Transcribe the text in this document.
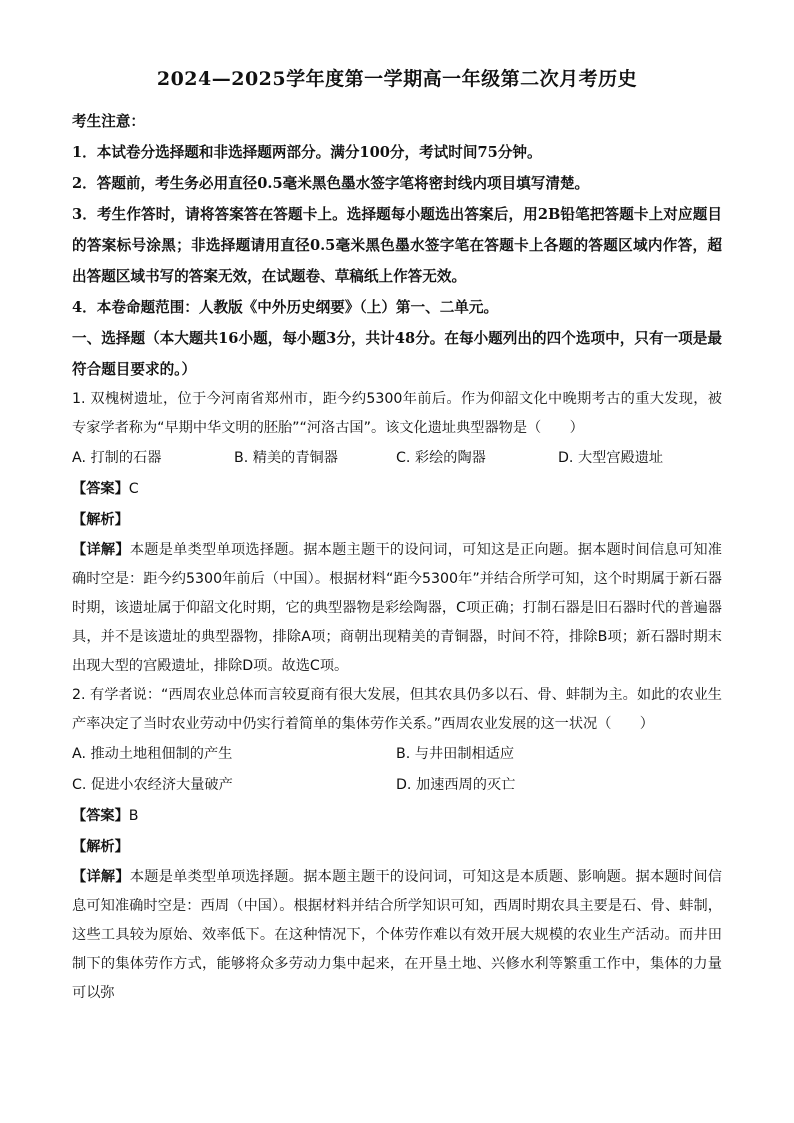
2024—2025学年度第一学期高一年级第二次月考历史

考生注意：

1．本试卷分选择题和非选择题两部分。满分100分，考试时间75分钟。

2．答题前，考生务必用直径0.5毫米黑色墨水签字笔将密封线内项目填写清楚。

3．考生作答时，请将答案答在答题卡上。选择题每小题选出答案后，用2B铅笔把答题卡上对应题目的答案标号涂黑；非选择题请用直径0.5毫米黑色墨水签字笔在答题卡上各题的答题区域内作答，超出答题区域书写的答案无效，在试题卷、草稿纸上作答无效。

4．本卷命题范围：人教版《中外历史纲要》（上）第一、二单元。

一、选择题（本大题共16小题，每小题3分，共计48分。在每小题列出的四个选项中，只有一项是最符合题目要求的。）

1. 双槐树遗址，位于今河南省郑州市，距今约5300年前后。作为仰韶文化中晚期考古的重大发现，被专家学者称为“早期中华文明的胚胎”“河洛古国”。该文化遗址典型器物是（　　）

A. 打制的石器	B. 精美的青铜器	C. 彩绘的陶器	D. 大型宫殿遗址

【答案】C

【解析】

【详解】本题是单类型单项选择题。据本题主题干的设问词，可知这是正向题。据本题时间信息可知准确时空是：距今约5300年前后（中国）。根据材料“距今5300年”并结合所学可知，这个时期属于新石器时期，该遗址属于仰韶文化时期，它的典型器物是彩绘陶器，C项正确；打制石器是旧石器时代的普遍器具，并不是该遗址的典型器物，排除A项；商朝出现精美的青铜器，时间不符，排除B项；新石器时期末出现大型的宫殿遗址，排除D项。故选C项。

2. 有学者说：“西周农业总体而言较夏商有很大发展，但其农具仍多以石、骨、蚌制为主。如此的农业生产率决定了当时农业劳动中仍实行着简单的集体劳作关系。”西周农业发展的这一状况（　　）

A. 推动土地租佃制的产生	B. 与井田制相适应
C. 促进小农经济大量破产	D. 加速西周的灭亡

【答案】B

【解析】

【详解】本题是单类型单项选择题。据本题主题干的设问词，可知这是本质题、影响题。据本题时间信息可知准确时空是：西周（中国）。根据材料并结合所学知识可知，西周时期农具主要是石、骨、蚌制，这些工具较为原始、效率低下。在这种情况下，个体劳作难以有效开展大规模的农业生产活动。而井田制下的集体劳作方式，能够将众多劳动力集中起来，在开垦土地、兴修水利等繁重工作中，集体的力量可以弥
